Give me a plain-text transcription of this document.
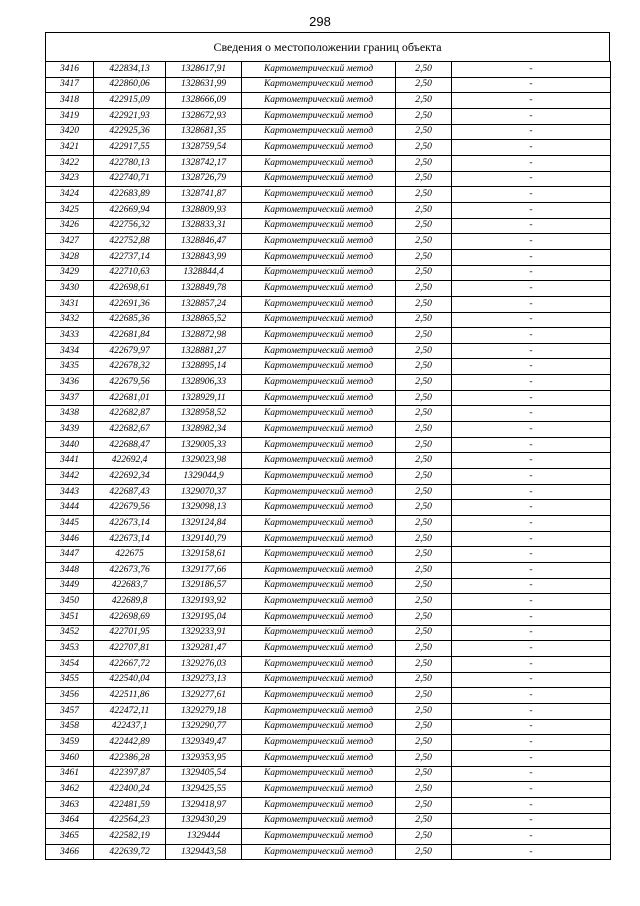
298
Сведения о местоположении границ объекта
3416	422834,13	1328617,91	Картометрический метод	2,50	-
3417	422860,06	1328631,99	Картометрический метод	2,50	-
3418	422915,09	1328666,09	Картометрический метод	2,50	-
3419	422921,93	1328672,93	Картометрический метод	2,50	-
3420	422925,36	1328681,35	Картометрический метод	2,50	-
3421	422917,55	1328759,54	Картометрический метод	2,50	-
3422	422780,13	1328742,17	Картометрический метод	2,50	-
3423	422740,71	1328726,79	Картометрический метод	2,50	-
3424	422683,89	1328741,87	Картометрический метод	2,50	-
3425	422669,94	1328809,93	Картометрический метод	2,50	-
3426	422756,32	1328833,31	Картометрический метод	2,50	-
3427	422752,88	1328846,47	Картометрический метод	2,50	-
3428	422737,14	1328843,99	Картометрический метод	2,50	-
3429	422710,63	1328844,4	Картометрический метод	2,50	-
3430	422698,61	1328849,78	Картометрический метод	2,50	-
3431	422691,36	1328857,24	Картометрический метод	2,50	-
3432	422685,36	1328865,52	Картометрический метод	2,50	-
3433	422681,84	1328872,98	Картометрический метод	2,50	-
3434	422679,97	1328881,27	Картометрический метод	2,50	-
3435	422678,32	1328895,14	Картометрический метод	2,50	-
3436	422679,56	1328906,33	Картометрический метод	2,50	-
3437	422681,01	1328929,11	Картометрический метод	2,50	-
3438	422682,87	1328958,52	Картометрический метод	2,50	-
3439	422682,67	1328982,34	Картометрический метод	2,50	-
3440	422688,47	1329005,33	Картометрический метод	2,50	-
3441	422692,4	1329023,98	Картометрический метод	2,50	-
3442	422692,34	1329044,9	Картометрический метод	2,50	-
3443	422687,43	1329070,37	Картометрический метод	2,50	-
3444	422679,56	1329098,13	Картометрический метод	2,50	-
3445	422673,14	1329124,84	Картометрический метод	2,50	-
3446	422673,14	1329140,79	Картометрический метод	2,50	-
3447	422675	1329158,61	Картометрический метод	2,50	-
3448	422673,76	1329177,66	Картометрический метод	2,50	-
3449	422683,7	1329186,57	Картометрический метод	2,50	-
3450	422689,8	1329193,92	Картометрический метод	2,50	-
3451	422698,69	1329195,04	Картометрический метод	2,50	-
3452	422701,95	1329233,91	Картометрический метод	2,50	-
3453	422707,81	1329281,47	Картометрический метод	2,50	-
3454	422667,72	1329276,03	Картометрический метод	2,50	-
3455	422540,04	1329273,13	Картометрический метод	2,50	-
3456	422511,86	1329277,61	Картометрический метод	2,50	-
3457	422472,11	1329279,18	Картометрический метод	2,50	-
3458	422437,1	1329290,77	Картометрический метод	2,50	-
3459	422442,89	1329349,47	Картометрический метод	2,50	-
3460	422386,28	1329353,95	Картометрический метод	2,50	-
3461	422397,87	1329405,54	Картометрический метод	2,50	-
3462	422400,24	1329425,55	Картометрический метод	2,50	-
3463	422481,59	1329418,97	Картометрический метод	2,50	-
3464	422564,23	1329430,29	Картометрический метод	2,50	-
3465	422582,19	1329444	Картометрический метод	2,50	-
3466	422639,72	1329443,58	Картометрический метод	2,50	-
